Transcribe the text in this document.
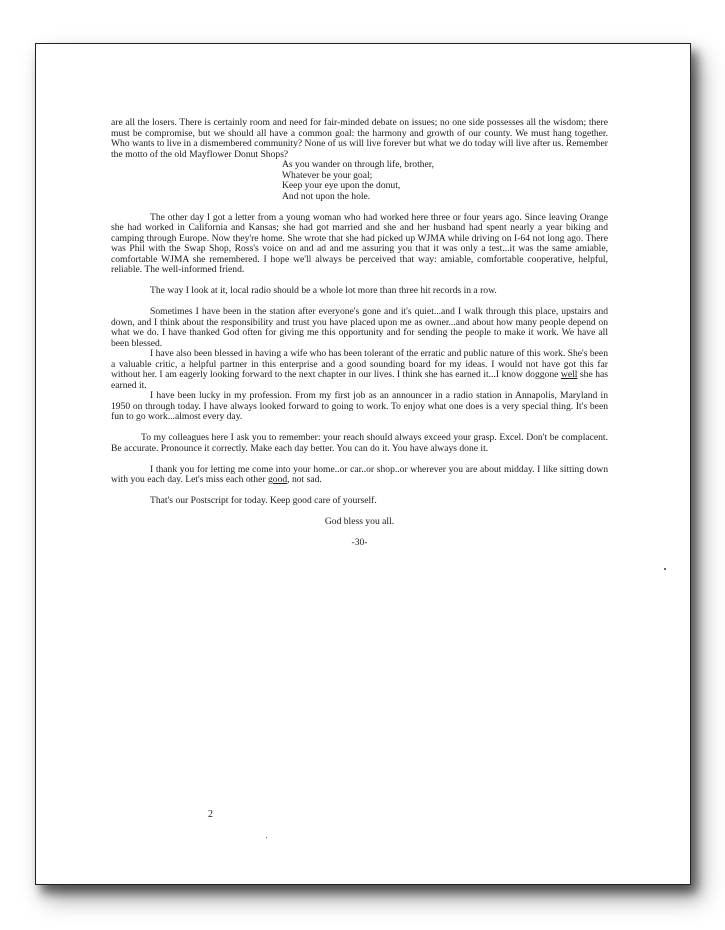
are all the losers. There is certainly room and need for fair-minded debate on issues; no one side possesses all the wisdom; there must be compromise, but we should all have a common goal: the harmony and growth of our county. We must hang together. Who wants to live in a dismembered community? None of us will live forever but what we do today will live after us. Remember the motto of the old Mayflower Donut Shops?

As you wander on through life, brother,
Whatever be your goal;
Keep your eye upon the donut,
And not upon the hole.

The other day I got a letter from a young woman who had worked here three or four years ago. Since leaving Orange she had worked in California and Kansas; she had got married and she and her husband had spent nearly a year biking and camping through Europe. Now they're home. She wrote that she had picked up WJMA while driving on I-64 not long ago. There was Phil with the Swap Shop, Ross's voice on and ad and me assuring you that it was only a test...it was the same amiable, comfortable WJMA she remembered. I hope we'll always be perceived that way: amiable, comfortable cooperative, helpful, reliable. The well-informed friend.

The way I look at it, local radio should be a whole lot more than three hit records in a row.

Sometimes I have been in the station after everyone's gone and it's quiet...and I walk through this place, upstairs and down, and I think about the responsibility and trust you have placed upon me as owner...and about how many people depend on what we do. I have thanked God often for giving me this opportunity and for sending the people to make it work. We have all been blessed.

I have also been blessed in having a wife who has been tolerant of the erratic and public nature of this work. She's been a valuable critic, a helpful partner in this enterprise and a good sounding board for my ideas. I would not have got this far without her. I am eagerly looking forward to the next chapter in our lives. I think she has earned it...I know doggone well she has earned it.

I have been lucky in my profession. From my first job as an announcer in a radio station in Annapolis, Maryland in 1950 on through today. I have always looked forward to going to work. To enjoy what one does is a very special thing. It's been fun to go work...almost every day.

To my colleagues here I ask you to remember: your reach should always exceed your grasp. Excel. Don't be complacent. Be accurate. Pronounce it correctly. Make each day better. You can do it. You have always done it.

I thank you for letting me come into your home..or car..or shop..or wherever you are about midday. I like sitting down with you each day. Let's miss each other good, not sad.

That's our Postscript for today. Keep good care of yourself.

God bless you all.

-30-

2
